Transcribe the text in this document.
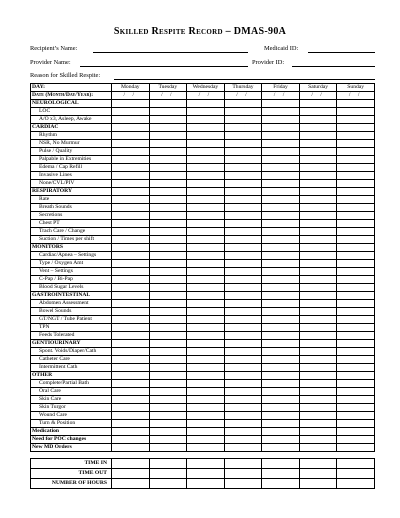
Skilled Respite Record – DMAS-90A
Recipient’s Name:	Medicaid ID:
Provider Name:	Provider ID:
Reason for Skilled Respite:
DAY:	Monday	Tuesday	Wednesday	Thursday	Friday	Saturday	Sunday
Date (Month/Day/Year):	/ /	/ /	/ /	/ /	/ /	/ /	/ /
NEUROLOGICAL							
LOC							
A/O x3, Asleep, Awake							
CARDIAC							
Rhythm							
NSR, No Murmur							
Pulse / Quality							
Palpable in Extremities							
Edema / Cap Refill							
Invasive Lines							
None/CVL/PIV							
RESPIRATORY							
Rate							
Breath Sounds							
Secretions							
Chest PT							
Trach Care / Change							
Suction / Times per shift							
MONITORS							
Cardiac/Apnea – Settings							
Type / Oxygen Amt							
Vent – Settings							
C-Pap / Bi-Pap							
Blood Sugar Levels							
GASTROINTESTINAL							
Abdomen Assessment							
Bowel Sounds							
GT/NGT / Tube Patient							
TPN							
Feeds Tolerated							
GENTIOURINARY							
Spont. Voids/Diaper/Cath							
Catheter Care							
Intermittent Cath							
OTHER							
Complete/Partial Bath							
Oral Care							
Skin Care							
Skin Turgor							
Wound Care							
Turn & Position							
Medication							
Need for POC changes							
New MD Orders							

TIME IN							
TIME OUT							
NUMBER OF HOURS							
